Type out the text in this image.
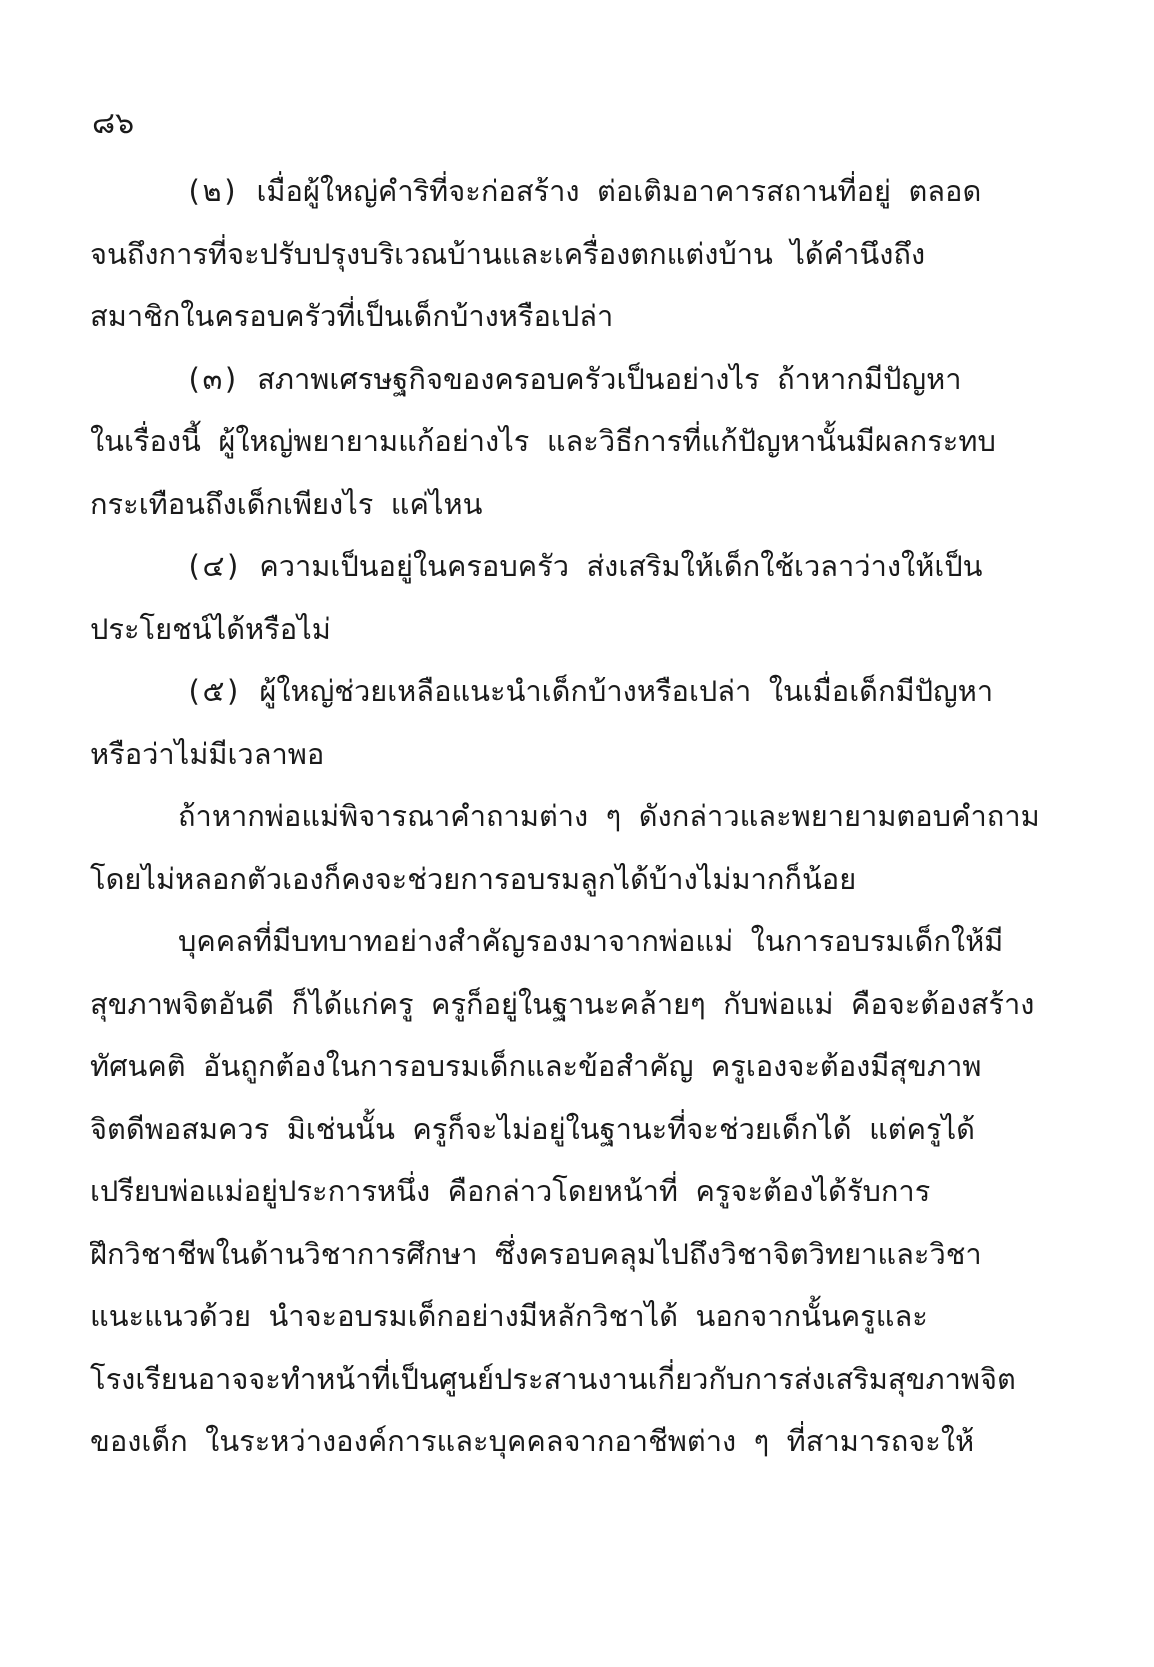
๘๖
(๒) เมื่อผู้ใหญ่คำริที่จะก่อสร้าง ต่อเติมอาคารสถานที่อยู่ ตลอด
จนถึงการที่จะปรับปรุงบริเวณบ้านและเครื่องตกแต่งบ้าน ได้คำนึงถึง
สมาชิกในครอบครัวที่เป็นเด็กบ้างหรือเปล่า
(๓) สภาพเศรษฐกิจของครอบครัวเป็นอย่างไร ถ้าหากมีปัญหา
ในเรื่องนี้ ผู้ใหญ่พยายามแก้อย่างไร และวิธีการที่แก้ปัญหานั้นมีผลกระทบ
กระเทือนถึงเด็กเพียงไร แค่ไหน
(๔) ความเป็นอยู่ในครอบครัว ส่งเสริมให้เด็กใช้เวลาว่างให้เป็น
ประโยชน์ได้หรือไม่
(๕) ผู้ใหญ่ช่วยเหลือแนะนำเด็กบ้างหรือเปล่า ในเมื่อเด็กมีปัญหา
หรือว่าไม่มีเวลาพอ
ถ้าหากพ่อแม่พิจารณาคำถามต่าง ๆ ดังกล่าวและพยายามตอบคำถาม
โดยไม่หลอกตัวเองก็คงจะช่วยการอบรมลูกได้บ้างไม่มากก็น้อย
บุคคลที่มีบทบาทอย่างสำคัญรองมาจากพ่อแม่ ในการอบรมเด็กให้มี
สุขภาพจิตอันดี ก็ได้แก่ครู ครูก็อยู่ในฐานะคล้ายๆ กับพ่อแม่ คือจะต้องสร้าง
ทัศนคติ อันถูกต้องในการอบรมเด็กและข้อสำคัญ ครูเองจะต้องมีสุขภาพ
จิตดีพอสมควร มิเช่นนั้น ครูก็จะไม่อยู่ในฐานะที่จะช่วยเด็กได้ แต่ครูได้
เปรียบพ่อแม่อยู่ประการหนึ่ง คือกล่าวโดยหน้าที่ ครูจะต้องได้รับการ
ฝึกวิชาชีพในด้านวิชาการศึกษา ซึ่งครอบคลุมไปถึงวิชาจิตวิทยาและวิชา
แนะแนวด้วย นำจะอบรมเด็กอย่างมีหลักวิชาได้ นอกจากนั้นครูและ
โรงเรียนอาจจะทำหน้าที่เป็นศูนย์ประสานงานเกี่ยวกับการส่งเสริมสุขภาพจิต
ของเด็ก ในระหว่างองค์การและบุคคลจากอาชีพต่าง ๆ ที่สามารถจะให้
